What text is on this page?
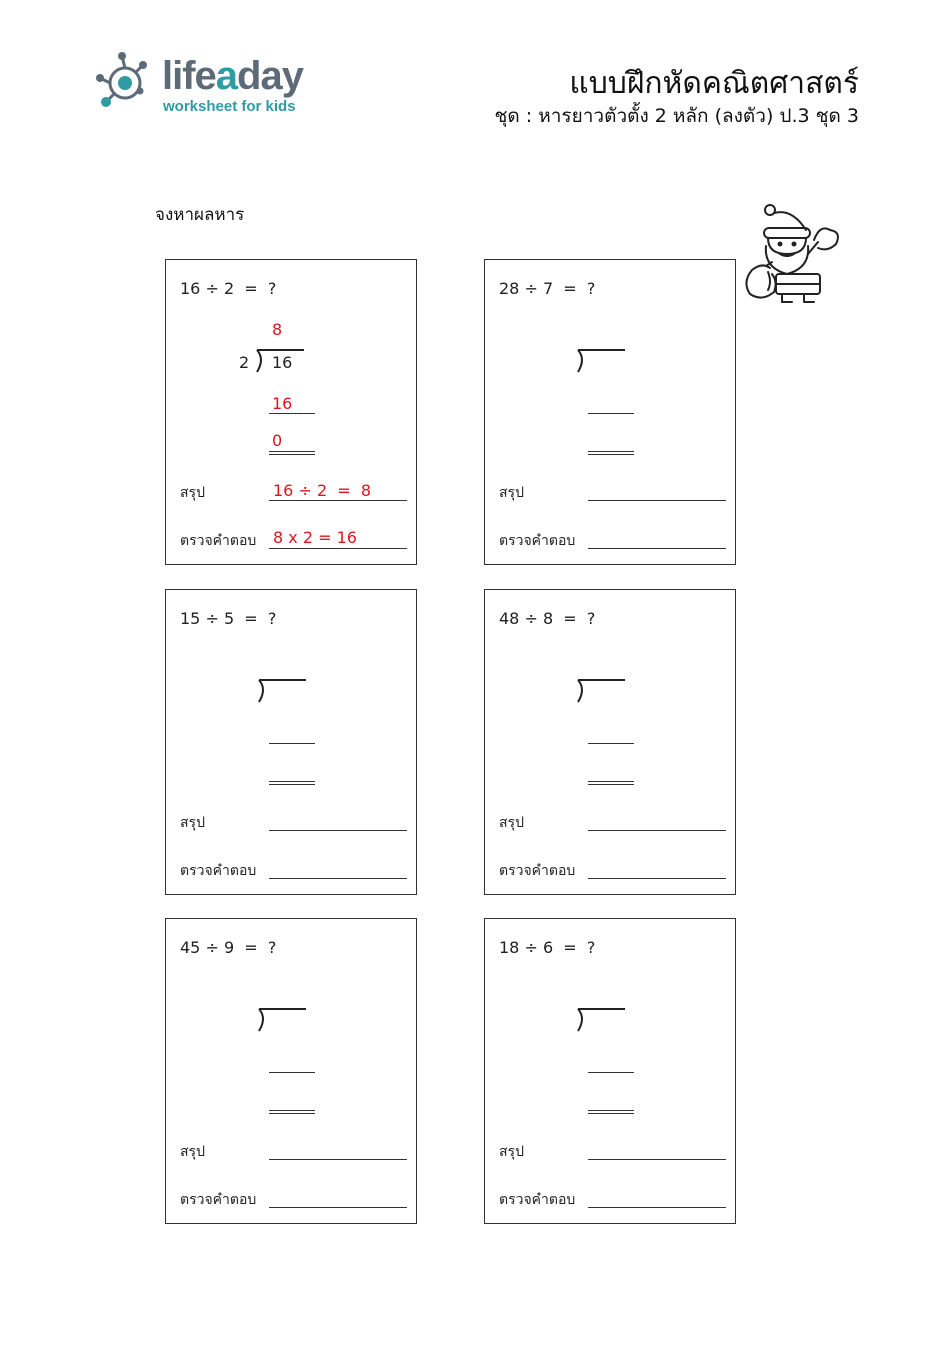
lifeaday
worksheet for kids
แบบฝึกหัดคณิตศาสตร์
ชุด : หารยาวตัวตั้ง 2 หลัก (ลงตัว) ป.3 ชุด 3
จงหาผลหาร
16 ÷ 2  =  ?
8
2 16
16
0
สรุป	16 ÷ 2  =  8
ตรวจคำตอบ 8 x 2 = 16
28 ÷ 7  =  ?
สรุป
ตรวจคำตอบ
15 ÷ 5  =  ?
สรุป
ตรวจคำตอบ
48 ÷ 8  =  ?
สรุป
ตรวจคำตอบ
45 ÷ 9  =  ?
สรุป
ตรวจคำตอบ
18 ÷ 6  =  ?
สรุป
ตรวจคำตอบ
